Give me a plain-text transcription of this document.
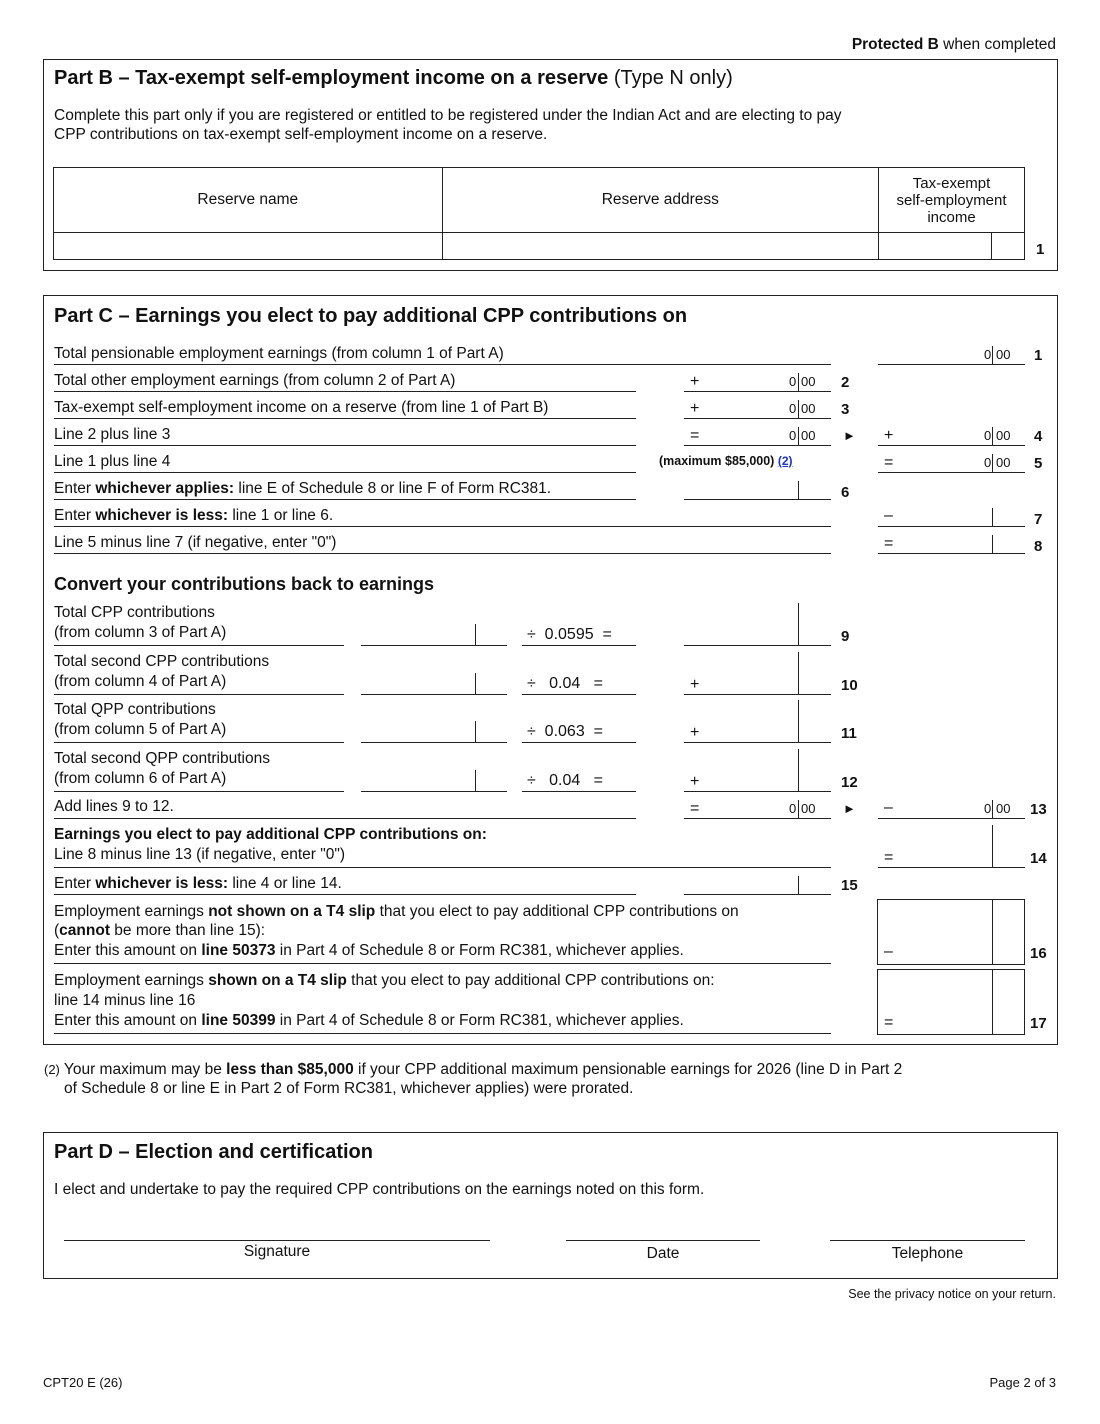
Protected B when completed
Part B – Tax-exempt self-employment income on a reserve (Type N only)
Complete this part only if you are registered or entitled to be registered under the Indian Act and are electing to pay
CPP contributions on tax-exempt self-employment income on a reserve.
Reserve name	Reserve address	Tax-exempt
self-employment
income	

1
Part C – Earnings you elect to pay additional CPP contributions on
Total pensionable employment earnings (from column 1 of Part A)	0 00 1
Total other employment earnings (from column 2 of Part A)	+	0 00 2
Tax-exempt self-employment income on a reserve (from line 1 of Part B)	+	0 00 3
Line 2 plus line 3	=	0 00 ► +	0 00 4
Line 1 plus line 4	(maximum $85,000) (2)	=	0 00 5
Enter whichever applies: line E of Schedule 8 or line F of Form RC381.	6
Enter whichever is less: line 1 or line 6.	–	7
Line 5 minus line 7 (if negative, enter "0")	=	8
Convert your contributions back to earnings
Total CPP contributions
(from column 3 of Part A)	÷ 0.0595 =	9
Total second CPP contributions
(from column 4 of Part A)	÷ 0.04 =	+	10
Total QPP contributions
(from column 5 of Part A)	÷ 0.063 =	+	11
Total second QPP contributions
(from column 6 of Part A)	÷ 0.04 =	+	12
Add lines 9 to 12.	=	0 00 ► –	0 00 13
Earnings you elect to pay additional CPP contributions on:
Line 8 minus line 13 (if negative, enter "0")	=	14
Enter whichever is less: line 4 or line 14.	15
Employment earnings not shown on a T4 slip that you elect to pay additional CPP contributions on
(cannot be more than line 15):
Enter this amount on line 50373 in Part 4 of Schedule 8 or Form RC381, whichever applies.	–	16
Employment earnings shown on a T4 slip that you elect to pay additional CPP contributions on:
line 14 minus line 16
Enter this amount on line 50399 in Part 4 of Schedule 8 or Form RC381, whichever applies.	=	17
(2) Your maximum may be less than $85,000 if your CPP additional maximum pensionable earnings for 2026 (line D in Part 2
of Schedule 8 or line E in Part 2 of Form RC381, whichever applies) were prorated.
Part D – Election and certification
I elect and undertake to pay the required CPP contributions on the earnings noted on this form.
Signature	Date	Telephone
See the privacy notice on your return.
CPT20 E (26)	Page 2 of 3
